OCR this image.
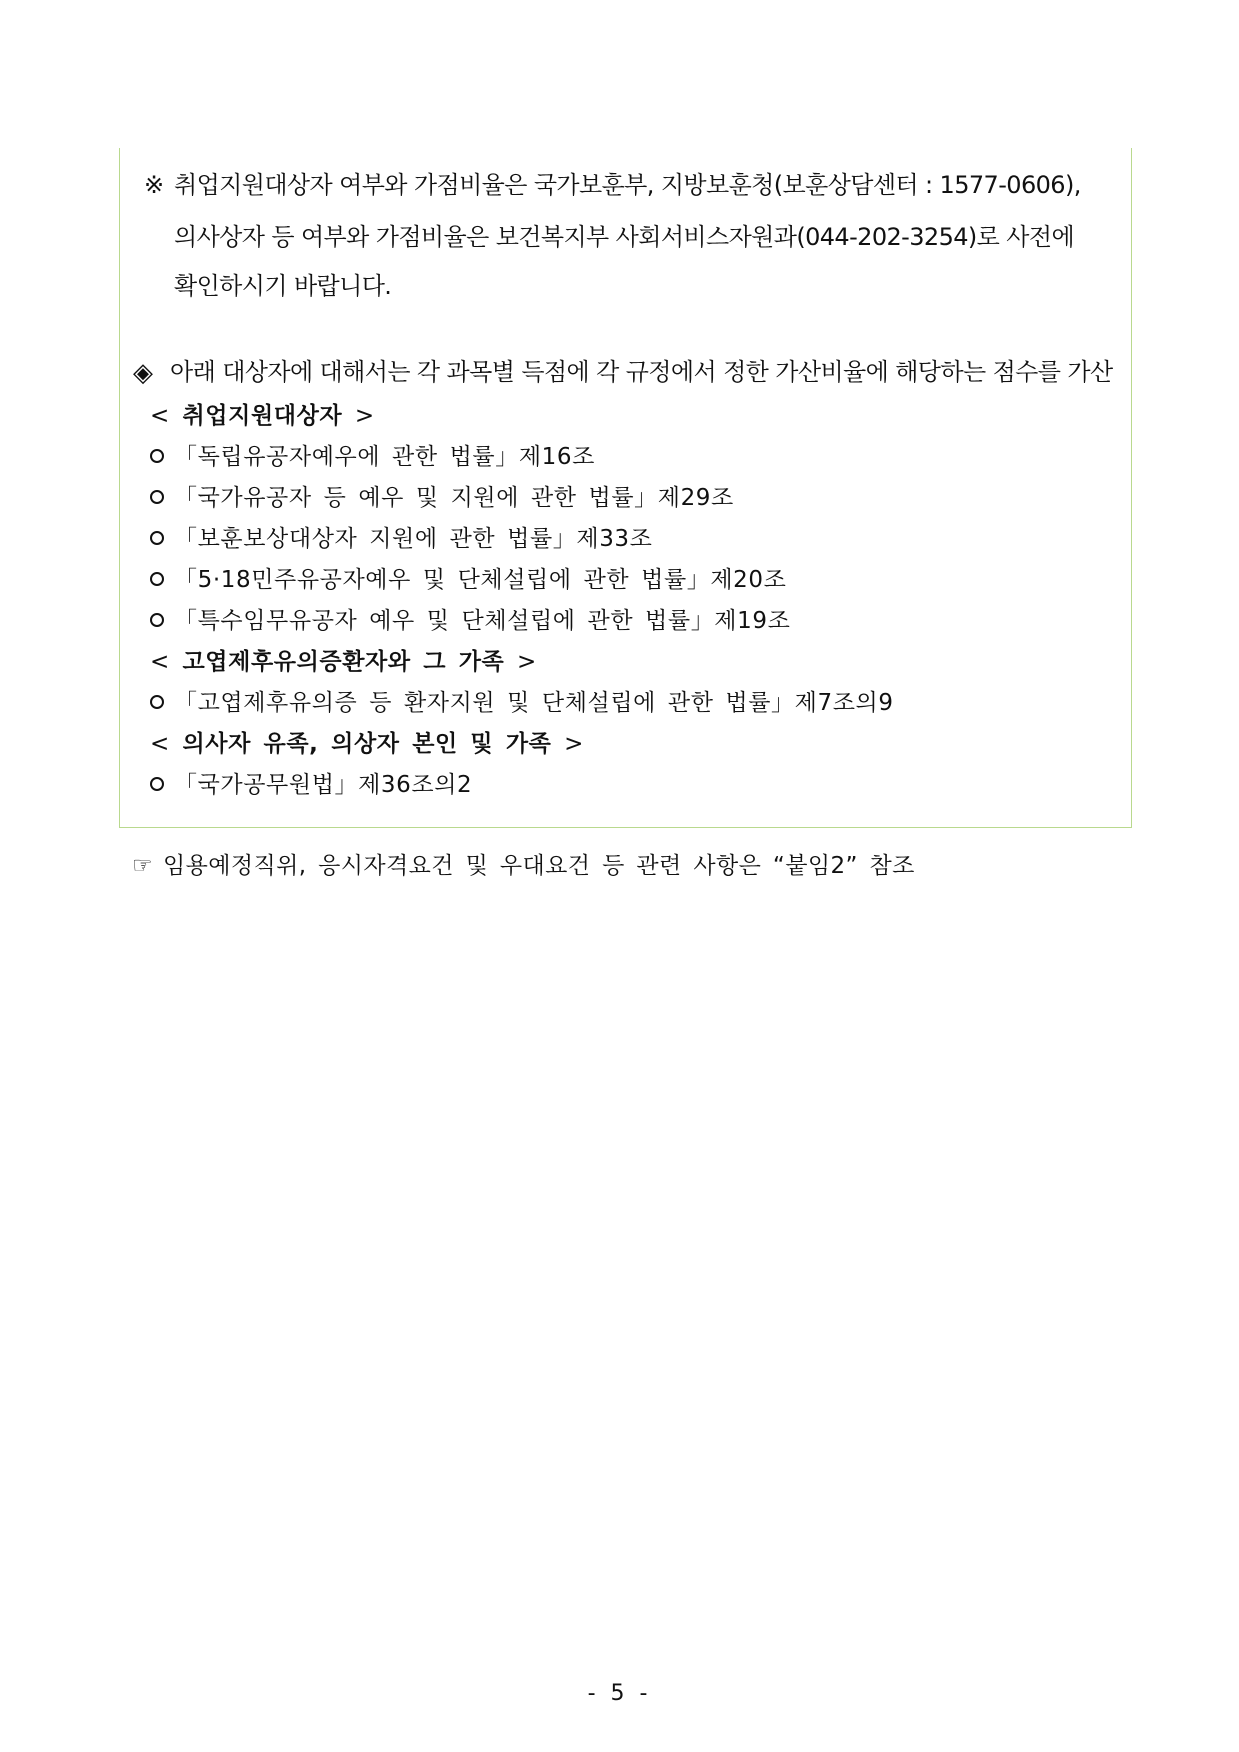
※ 취업지원대상자 여부와 가점비율은 국가보훈부, 지방보훈청(보훈상담센터 : 1577-0606),
의사상자 등 여부와 가점비율은 보건복지부 사회서비스자원과(044-202-3254)로 사전에
확인하시기 바랍니다.
◈ 아래 대상자에 대해서는 각 과목별 득점에 각 규정에서 정한 가산비율에 해당하는 점수를 가산
< 취업지원대상자 >
「독립유공자예우에 관한 법률」제16조
「국가유공자 등 예우 및 지원에 관한 법률」제29조
「보훈보상대상자 지원에 관한 법률」제33조
「5·18민주유공자예우 및 단체설립에 관한 법률」제20조
「특수임무유공자 예우 및 단체설립에 관한 법률」제19조
< 고엽제후유의증환자와 그 가족 >
「고엽제후유의증 등 환자지원 및 단체설립에 관한 법률」제7조의9
< 의사자 유족, 의상자 본인 및 가족 >
「국가공무원법」제36조의2
☞ 임용예정직위, 응시자격요건 및 우대요건 등 관련 사항은 “붙임2” 참조
- 5 -
